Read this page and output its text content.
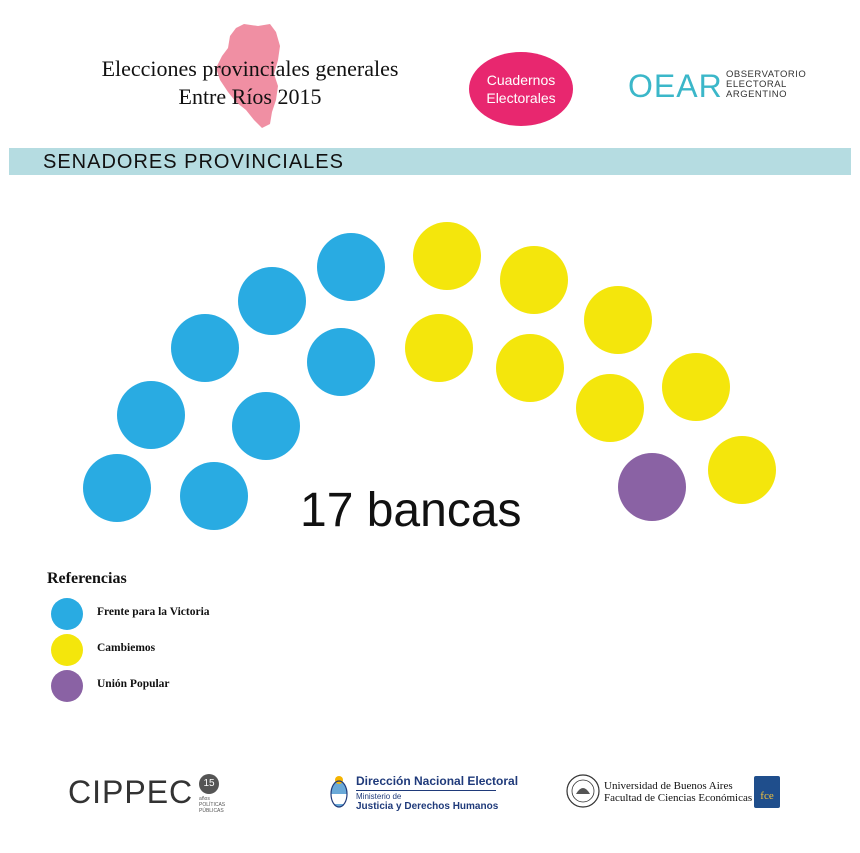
Elecciones provinciales generales
Entre Ríos 2015
Cuadernos
Electorales OEAR OBSERVATORIO
ELECTORAL
ARGENTINO
SENADORES PROVINCIALES
17 bancas
Referencias
Frente para la Victoria
Cambiemos
Unión Popular
CIPPEC	15
años
POLÍTICAS
PÚBLICAS
Dirección Nacional Electoral
Ministerio de
Justicia y Derechos Humanos
Universidad de Buenos Aires
Facultad de Ciencias Económicas fce
